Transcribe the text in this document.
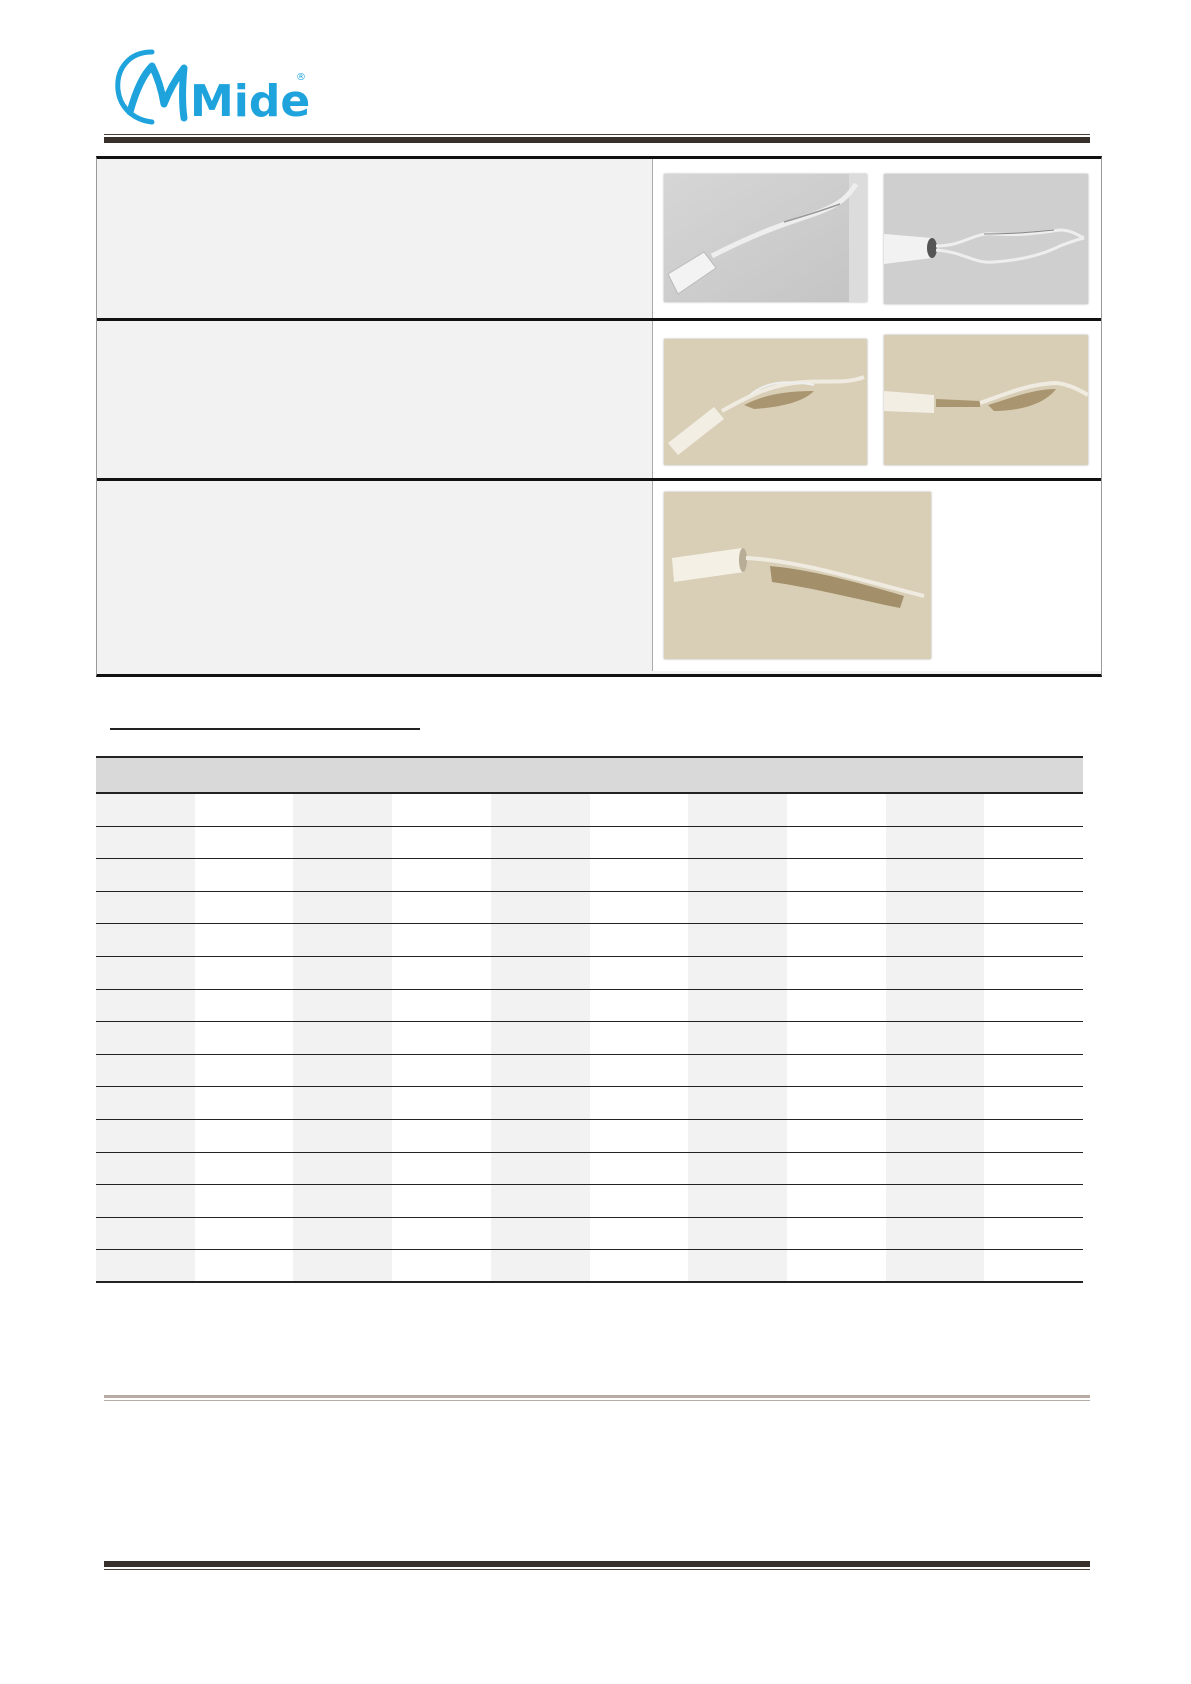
Mide
®
